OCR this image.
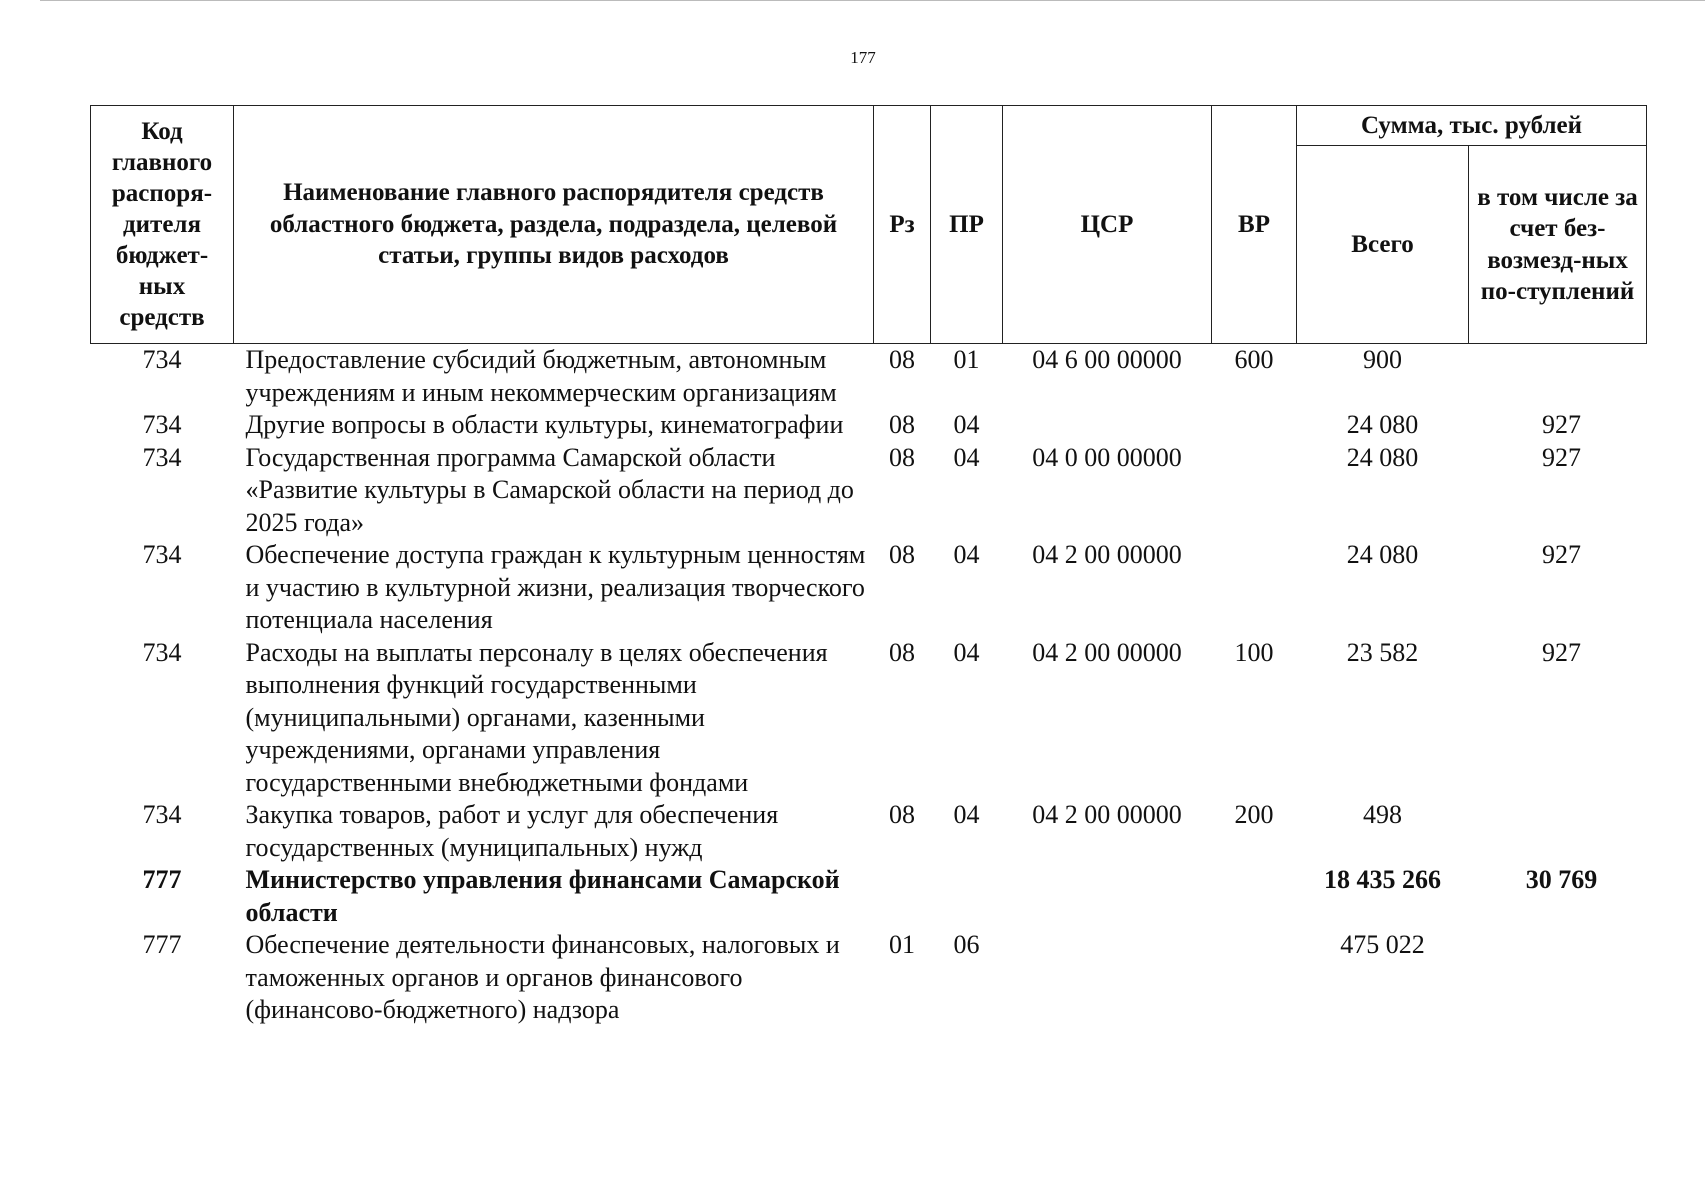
177
Код главного распоря-дителя бюджет-ных средств	Наименование главного распорядителя средств областного бюджета, раздела, подраздела, целевой статьи, группы видов расходов	Рз	ПР	ЦСР	ВР	Сумма, тыс. рублей	
						Всего	в том числе за счет без-возмезд-ных по-ступлений
734	Предоставление субсидий бюджетным, автономным учреждениям и иным некоммерческим организациям	08	01	04 6 00 00000	600	900	
734	Другие вопросы в области культуры, кинематографии	08	04			24 080	927
734	Государственная программа Самарской области «Развитие культуры в Самарской области на период до 2025 года»	08	04	04 0 00 00000		24 080	927
734	Обеспечение доступа граждан к культурным ценностям и участию в культурной жизни, реализация творческого потенциала населения	08	04	04 2 00 00000		24 080	927
734	Расходы на выплаты персоналу в целях обеспечения выполнения функций государственными (муниципальными) органами, казенными учреждениями, органами управления государственными внебюджетными фондами	08	04	04 2 00 00000	100	23 582	927
734	Закупка товаров, работ и услуг для обеспечения государственных (муниципальных) нужд	08	04	04 2 00 00000	200	498	
777	Министерство управления финансами Самарской области					18 435 266	30 769
777	Обеспечение деятельности финансовых, налоговых и таможенных органов и органов финансового (финансово-бюджетного) надзора	01	06			475 022	
